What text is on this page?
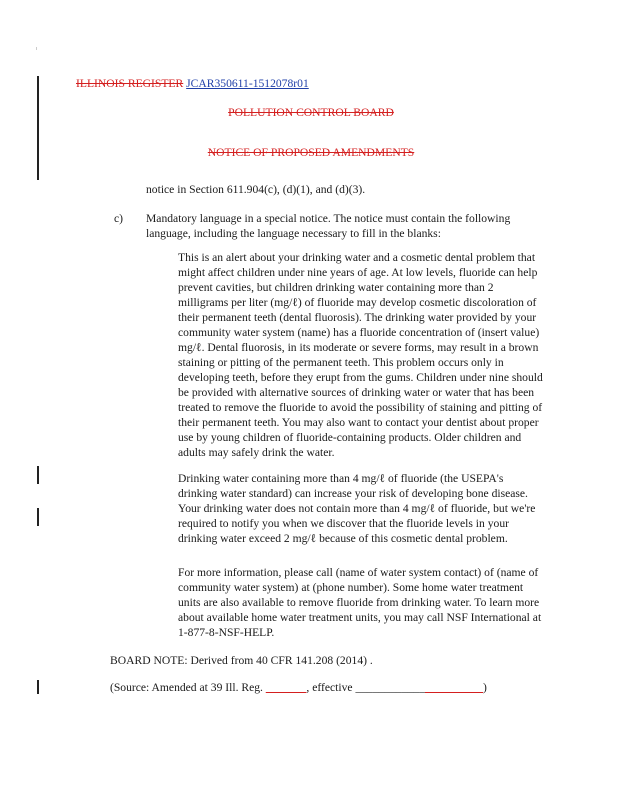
ILLINOIS REGISTER JCAR350611-1512078r01
POLLUTION CONTROL BOARD
NOTICE OF PROPOSED AMENDMENTS

notice in Section 611.904(c), (d)(1), and (d)(3).

c) Mandatory language in a special notice. The notice must contain the following language, including the language necessary to fill in the blanks:

This is an alert about your drinking water and a cosmetic dental problem that might affect children under nine years of age. At low levels, fluoride can help prevent cavities, but children drinking water containing more than 2 milligrams per liter (mg/ℓ) of fluoride may develop cosmetic discoloration of their permanent teeth (dental fluorosis). The drinking water provided by your community water system (name) has a fluoride concentration of (insert value) mg/ℓ. Dental fluorosis, in its moderate or severe forms, may result in a brown staining or pitting of the permanent teeth. This problem occurs only in developing teeth, before they erupt from the gums. Children under nine should be provided with alternative sources of drinking water or water that has been treated to remove the fluoride to avoid the possibility of staining and pitting of their permanent teeth. You may also want to contact your dentist about proper use by young children of fluoride-containing products. Older children and adults may safely drink the water.

Drinking water containing more than 4 mg/ℓ of fluoride (the USEPA's drinking water standard) can increase your risk of developing bone disease. Your drinking water does not contain more than 4 mg/ℓ of fluoride, but we're required to notify you when we discover that the fluoride levels in your drinking water exceed 2 mg/ℓ because of this cosmetic dental problem.

For more information, please call (name of water system contact) of (name of community water system) at (phone number). Some home water treatment units are also available to remove fluoride from drinking water. To learn more about available home water treatment units, you may call NSF International at 1-877-8-NSF-HELP.

BOARD NOTE: Derived from 40 CFR 141.208 (2014) .

(Source: Amended at 39 Ill. Reg. _______, effective ______________________)
